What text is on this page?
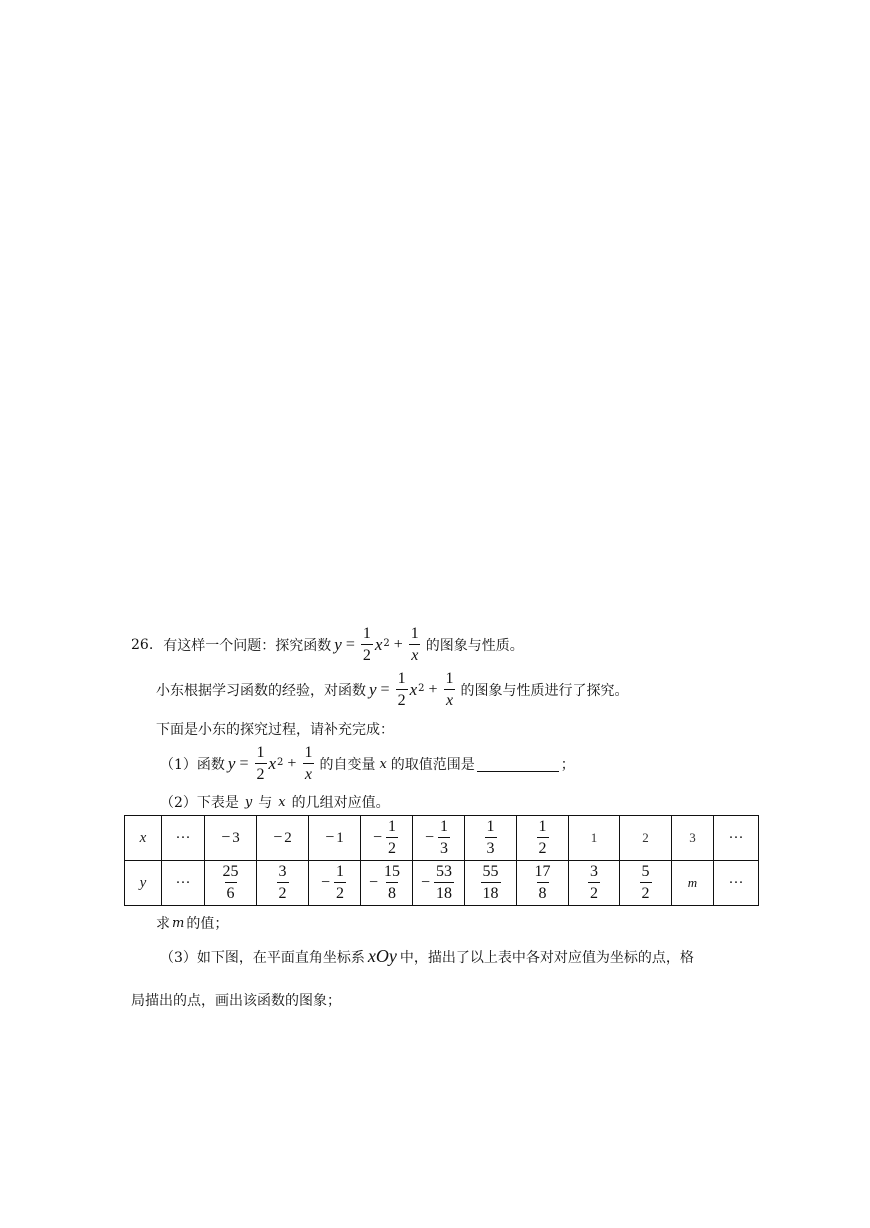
26. 有这样一个问题：探究函数 $y = \frac{1}{2}$ x $2 + \frac{1}{x}$ 的图象与性质。
小东根据学习函数的经验，对函数 $y = \frac{1}{2}$ x $2 + \frac{1}{x}$ 的图象与性质进行了探究。
下面是小东的探究过程，请补充完成：
（1）函数 $y = \frac{1}{2}$ x $2 + \frac{1}{x}$ 的自变量 x 的取值范围是	；
（2）下表是 y 与 x 的几组对应值。
x	···	− 3	− 2	− 1	− $\frac{1}{2}$	− $\frac{1}{3}$	$\frac{1}{3}$	$\frac{1}{2}$	1	2	3	···
y	···	$\frac{25}{6}$	$\frac{3}{2}$	− $\frac{1}{2}$	− $\frac{15}{8}$	− $\frac{53}{18}$	$\frac{55}{18}$	$\frac{17}{8}$	$\frac{3}{2}$	$\frac{5}{2}$	m	···
求 m 的值；
（3）如下图，在平面直角坐标系 xOy 中，描出了以上表中各对对应值为坐标的点，格
局描出的点，画出该函数的图象；
